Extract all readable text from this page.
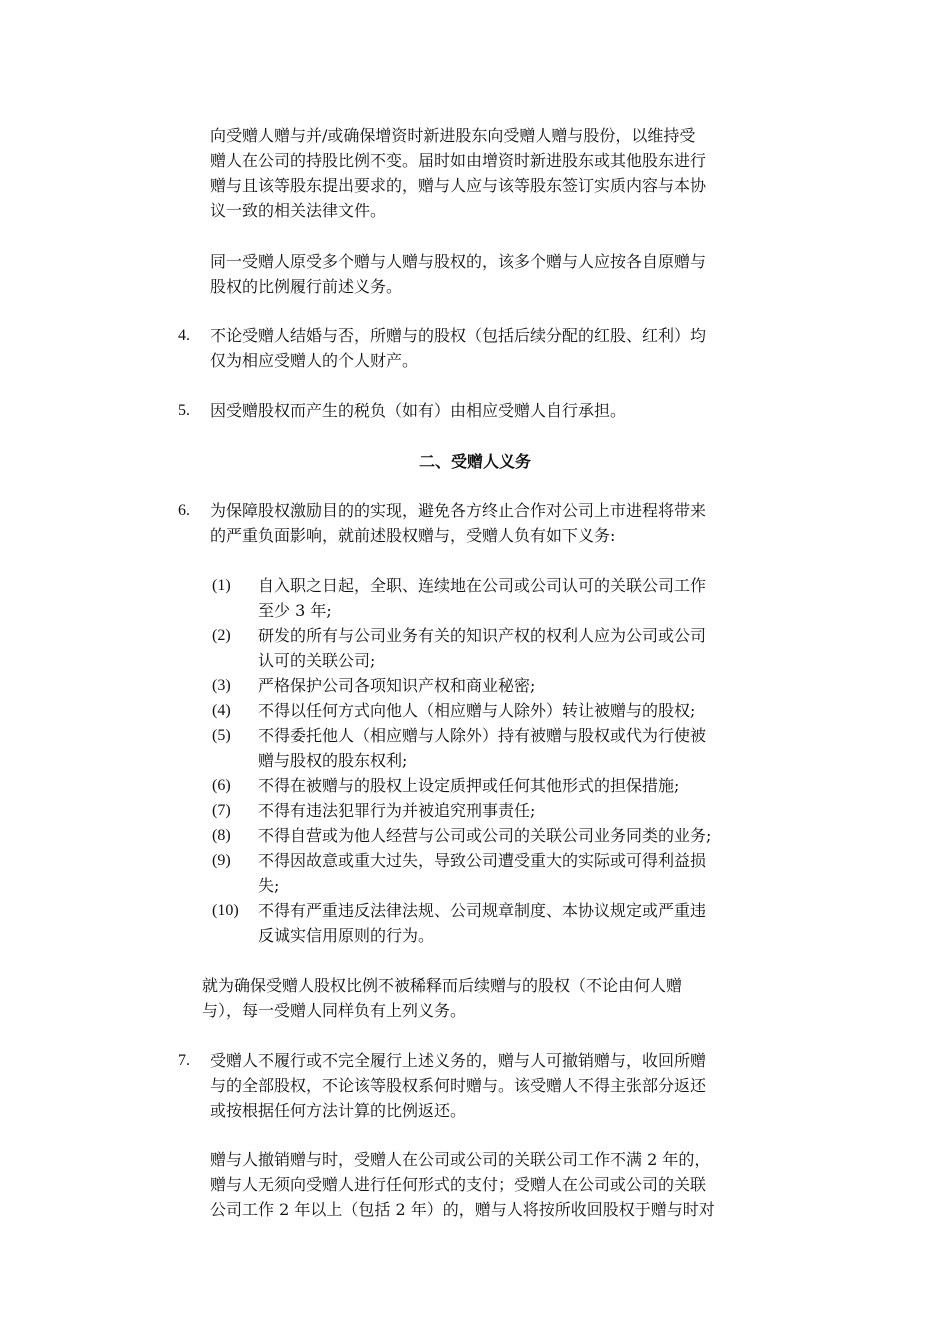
向受赠人赠与并/或确保增资时新进股东向受赠人赠与股份，以维持受
赠人在公司的持股比例不变。届时如由增资时新进股东或其他股东进行
赠与且该等股东提出要求的，赠与人应与该等股东签订实质内容与本协
议一致的相关法律文件。
同一受赠人原受多个赠与人赠与股权的，该多个赠与人应按各自原赠与
股权的比例履行前述义务。
4. 不论受赠人结婚与否，所赠与的股权（包括后续分配的红股、红利）均
仅为相应受赠人的个人财产。
5. 因受赠股权而产生的税负（如有）由相应受赠人自行承担。
二、受赠人义务
6. 为保障股权激励目的的实现，避免各方终止合作对公司上市进程将带来
的严重负面影响，就前述股权赠与，受赠人负有如下义务:
(1) 自入职之日起，全职、连续地在公司或公司认可的关联公司工作
至少 3 年;
(2) 研发的所有与公司业务有关的知识产权的权利人应为公司或公司
认可的关联公司;
(3) 严格保护公司各项知识产权和商业秘密;
(4) 不得以任何方式向他人（相应赠与人除外）转让被赠与的股权;
(5) 不得委托他人（相应赠与人除外）持有被赠与股权或代为行使被
赠与股权的股东权利;
(6) 不得在被赠与的股权上设定质押或任何其他形式的担保措施;
(7) 不得有违法犯罪行为并被追究刑事责任;
(8) 不得自营或为他人经营与公司或公司的关联公司业务同类的业务;
(9) 不得因故意或重大过失，导致公司遭受重大的实际或可得利益损
失;
(10) 不得有严重违反法律法规、公司规章制度、本协议规定或严重违
反诚实信用原则的行为。
就为确保受赠人股权比例不被稀释而后续赠与的股权（不论由何人赠
与），每一受赠人同样负有上列义务。
7. 受赠人不履行或不完全履行上述义务的，赠与人可撤销赠与，收回所赠
与的全部股权，不论该等股权系何时赠与。该受赠人不得主张部分返还
或按根据任何方法计算的比例返还。
赠与人撤销赠与时，受赠人在公司或公司的关联公司工作不满 2 年的，
赠与人无须向受赠人进行任何形式的支付；受赠人在公司或公司的关联
公司工作 2 年以上（包括 2 年）的，赠与人将按所收回股权于赠与时对
